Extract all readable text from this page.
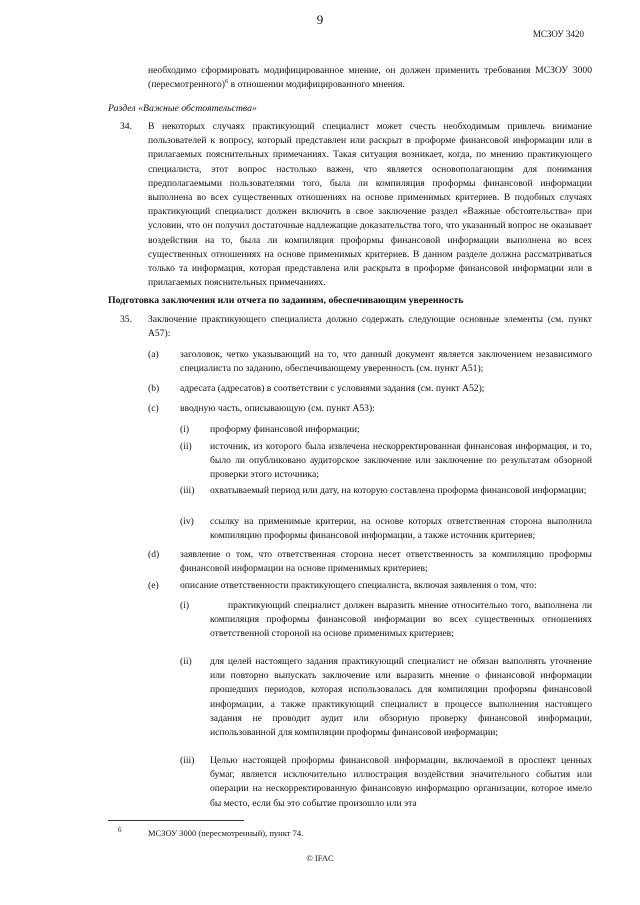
9
МСЗОУ 3420
необходимо сформировать модифицированное мнение, он должен применить требования МСЗОУ 3000 (пересмотренного)$^6$ в отношении модифицированного мнения.
Раздел «Важные обстоятельства»
34. В некоторых случаях практикующий специалист может счесть необходимым привлечь внимание пользователей к вопросу, который представлен или раскрыт в проформе финансовой информации или в прилагаемых пояснительных примечаниях. Такая ситуация возникает, когда, по мнению практикующего специалиста, этот вопрос настолько важен, что является основополагающим для понимания предполагаемыми пользователями того, была ли компиляция проформы финансовой информации выполнена во всех существенных отношениях на основе применимых критериев. В подобных случаях практикующий специалист должен включить в свое заключение раздел «Важные обстоятельства» при условии, что он получил достаточные надлежащие доказательства того, что указанный вопрос не оказывает воздействия на то, была ли компиляция проформы финансовой информации выполнена во всех существенных отношениях на основе применимых критериев. В данном разделе должна рассматриваться только та информация, которая представлена или раскрыта в проформе финансовой информации или в прилагаемых пояснительных примечаниях.
Подготовка заключения или отчета по заданиям, обеспечивающим уверенность
35. Заключение практикующего специалиста должно содержать следующие основные элементы (см. пункт A57):
(a) заголовок, четко указывающий на то, что данный документ является заключением независимого специалиста по заданию, обеспечивающему уверенность (см. пункт A51);
(b) адресата (адресатов) в соответствии с условиями задания (см. пункт A52);
(c) вводную часть, описывающую (см. пункт A53):
(i) проформу финансовой информации;
(ii) источник, из которого была извлечена нескорректированная финансовая информация, и то, было ли опубликовано аудиторское заключение или заключение по результатам обзорной проверки этого источника;
(iii) охватываемый период или дату, на которую составлена проформа финансовой информации;
(iv) ссылку на применимые критерии, на основе которых ответственная сторона выполнила компиляцию проформы финансовой информации, а также источник критериев;
(d) заявление о том, что ответственная сторона несет ответственность за компиляцию проформы финансовой информации на основе применимых критериев;
(e) описание ответственности практикующего специалиста, включая заявления о том, что:
(i)	практикующий специалист должен выразить мнение относительно того, выполнена ли компиляция проформы финансовой информации во всех существенных отношениях ответственной стороной на основе применимых критериев;
(ii) для целей настоящего задания практикующий специалист не обязан выполнять уточнение или повторно выпускать заключение или выразить мнение о финансовой информации прошедших периодов, которая использовалась для компиляции проформы финансовой информации, а также практикующий специалист в процессе выполнения настоящего задания не проводит аудит или обзорную проверку финансовой информации, использованной для компиляции проформы финансовой информации;
(iii) Целью настоящей проформы финансовой информации, включаемой в проспект ценных бумаг, является исключительно иллюстрация воздействия значительного события или операции на нескорректированную финансовую информацию организации, которое имело бы место, если бы это событие произошло или эта
6	МСЗОУ 3000 (пересмотренный), пункт 74.
© IFAC
